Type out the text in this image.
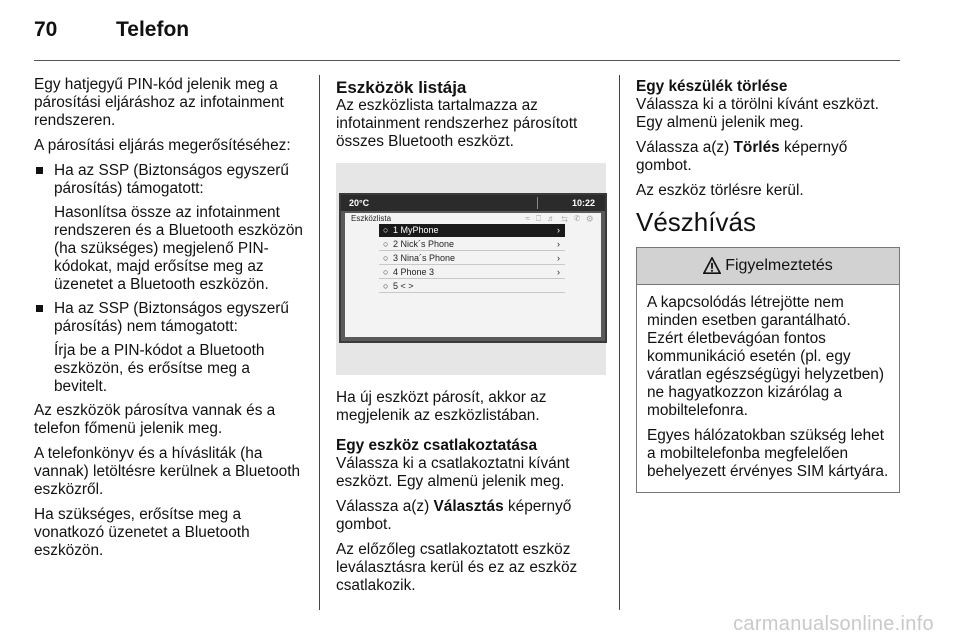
70	Telefon

Egy hatjegyű PIN-kód jelenik meg a párosítási eljáráshoz az infotainment rendszeren.

A párosítási eljárás megerősítéséhez:

Ha az SSP (Biztonságos egyszerű párosítás) támogatott:
Hasonlítsa össze az infotainment rendszeren és a Bluetooth eszközön (ha szükséges) megjelenő PIN-kódokat, majd erősítse meg az üzenetet a Bluetooth eszközön.
Ha az SSP (Biztonságos egyszerű párosítás) nem támogatott:
Írja be a PIN-kódot a Bluetooth eszközön, és erősítse meg a bevitelt.

Az eszközök párosítva vannak és a telefon főmenü jelenik meg.

A telefonkönyv és a hívásliták (ha vannak) letöltésre kerülnek a Bluetooth eszközről.

Ha szükséges, erősítse meg a vonatkozó üzenetet a Bluetooth eszközön.

Eszközök listája

Az eszközlista tartalmazza az infotainment rendszerhez párosított összes Bluetooth eszközt.

20°C	10:22
Eszközlista	≈ ⎕ ♬ ⇆ ✆ ⚙
○ 1 MyPhone	›
○ 2 Nick´s Phone	›
○ 3 Nina´s Phone	›
○ 4 Phone 3	›
○ 5 < >

Ha új eszközt párosít, akkor az megjelenik az eszközlistában.

Egy eszköz csatlakoztatása

Válassza ki a csatlakoztatni kívánt eszközt. Egy almenü jelenik meg.

Válassza a(z) Választás képernyő gombot.

Az előzőleg csatlakoztatott eszköz leválasztásra kerül és ez az eszköz csatlakozik.

Egy készülék törlése

Válassza ki a törölni kívánt eszközt. Egy almenü jelenik meg.

Válassza a(z) Törlés képernyő gombot.

Az eszköz törlésre kerül.

Vészhívás
Figyelmeztetés

A kapcsolódás létrejötte nem minden esetben garantálható. Ezért életbevágóan fontos kommunikáció esetén (pl. egy váratlan egészségügyi helyzetben) ne hagyatkozzon kizárólag a mobiltelefonra.

Egyes hálózatokban szükség lehet a mobiltelefonba megfelelően behelyezett érvényes SIM kártyára.

carmanualsonline.info
